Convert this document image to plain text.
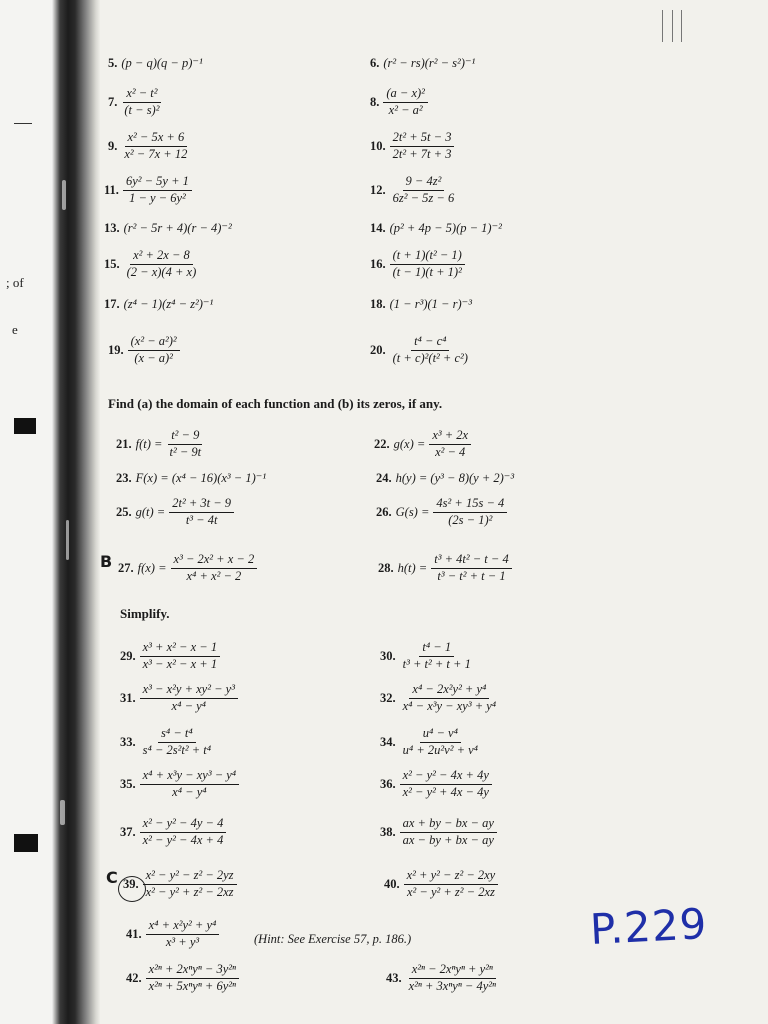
; of
e
5. (p − q)(q − p)⁻¹	6. (r² − rs)(r² − s²)⁻¹
7. $\frac{\text{x² − t²}}{\text{(t − s)²}}$	8. $\frac{\text{(a − x)²}}{\text{x² − a²}}$
9. $\frac{\text{x² − 5x + 6}}{\text{x² − 7x + 12}}$	10. $\frac{\text{2t² + 5t − 3}}{\text{2t² + 7t + 3}}$
11. $\frac{\text{6y² − 5y + 1}}{\text{1 − y − 6y²}}$	12. $\frac{\text{9 − 4z²}}{\text{6z² − 5z − 6}}$
13. (r² − 5r + 4)(r − 4)⁻²	14. (p² + 4p − 5)(p − 1)⁻²
15. $\frac{\text{x² + 2x − 8}}{(2 - x)(4 + x)}$	16. $\frac{\text{(t + 1)(t² − 1)}}{\text{(t − 1)(t + 1)²}}$
17. (z⁴ − 1)(z⁴ − z²)⁻¹	18. (1 − r³)(1 − r)⁻³
19. $\frac{\text{(x² − a²)²}}{\text{(x − a)²}}$	20. $\frac{\text{t⁴ − c⁴}}{\text{(t + c)²(t² + c²)}}$
Find (a) the domain of each function and (b) its zeros, if any.
21. $f(t) = \frac{\text{t² − 9}}{\text{t² − 9t}}$	22. $g(x) = \frac{\text{x³ + 2x}}{\text{x² − 4}}$
23. F(x) = (x⁴ − 16)(x³ − 1)⁻¹	24. h(y) = (y³ − 8)(y + 2)⁻³
25. $g(t) = \frac{\text{2t² + 3t − 9}}{\text{t³ − 4t}}$	26. $G(s) = \frac{\text{4s² + 15s − 4}}{\text{(2s − 1)²}}$
B 27. $f(x) = \frac{\text{x³ − 2x² + x − 2}}{\text{x⁴ + x² − 2}}$	28. $h(t) = \frac{\text{t³ + 4t² − t − 4}}{\text{t³ − t² + t − 1}}$
Simplify.
29. $\frac{\text{x³ + x² − x − 1}}{\text{x³ − x² − x + 1}}$	30. $\frac{\text{t⁴ − 1}}{\text{t³ + t² + t + 1}}$
31. $\frac{\text{x³ − x²y + xy² − y³}}{\text{x⁴ − y⁴}}$	32. $\frac{\text{x⁴ − 2x²y² + y⁴}}{\text{x⁴ − x³y − xy³ + y⁴}}$
33. $\frac{\text{s⁴ − t⁴}}{\text{s⁴ − 2s²t² + t⁴}}$	34. $\frac{\text{u⁴ − v⁴}}{\text{u⁴ + 2u²v² + v⁴}}$
35. $\frac{\text{x⁴ + x³y − xy³ − y⁴}}{\text{x⁴ − y⁴}}$	36. $\frac{\text{x² − y² − 4x + 4y}}{\text{x² − y² + 4x − 4y}}$
37. $\frac{\text{x² − y² − 4y − 4}}{\text{x² − y² − 4x + 4}}$	38. $\frac{ax + by - bx - ay}{ax - by + bx - ay}$
C 39. $\frac{\text{x² − y² − z² − 2yz}}{\text{x² − y² + z² − 2xz}}$	40. $\frac{\text{x² + y² − z² − 2xy}}{\text{x² − y² + z² − 2xz}}$
41. $\frac{\text{x⁴ + x²y² + y⁴}}{\text{x³ + y³}}$	(Hint: See Exercise 57, p. 186.)
42. $\frac{\text{x²ⁿ + 2xⁿyⁿ − 3y²ⁿ}}{\text{x²ⁿ + 5xⁿyⁿ + 6y²ⁿ}}$	43. $\frac{\text{x²ⁿ − 2xⁿyⁿ + y²ⁿ}}{\text{x²ⁿ + 3xⁿyⁿ − 4y²ⁿ}}$
P.229
